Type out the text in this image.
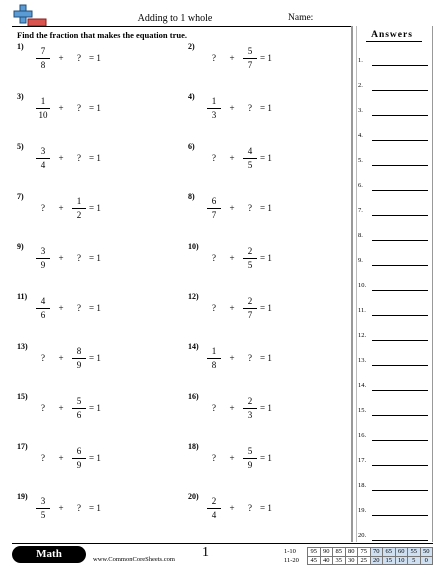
Adding to 1 whole	Name:
Find the fraction that makes the equation true.
$1) \frac{7}{8}$ +	? = 1
2)
?	+ $\frac{5}{7} = 1$
$3) \frac{1}{10}$ +	? = 1
$4) \frac{1}{3}$ +	? = 1
$5) \frac{3}{4}$ +	? = 1
6)
?	+ $\frac{4}{5} = 1$
7)
?	+ $\frac{1}{2} = 1$
$8) \frac{6}{7}$ +	? = 1
$9) \frac{3}{9}$ +	? = 1
10)
?	+ $\frac{2}{5} = 1$
$11) \frac{4}{6}$ +	? = 1
12)
?	+ $\frac{2}{7} = 1$
13)
?	+ $\frac{8}{9} = 1$
$14) \frac{1}{8}$ +	? = 1
15)
?	+ $\frac{5}{6} = 1$
16)
?	+ $\frac{2}{3} = 1$
17)
?	+ $\frac{6}{9} = 1$
18)
?	+ $\frac{5}{9} = 1$
$19) \frac{3}{5}$ +	? = 1
$20) \frac{2}{4}$ +	? = 1
Answers
1.
2.
3.
4.
5.
6.
7.
8.
9.
10.
11.
12.
13.
14.
15.
16.
17.
18.
19.
20.
Math	www.CommonCoreSheets.com 1	1-10
11-20
95	90	85	80	75	70	65	60	55	50
45	40	35	30	25	20	15	10	5	0
